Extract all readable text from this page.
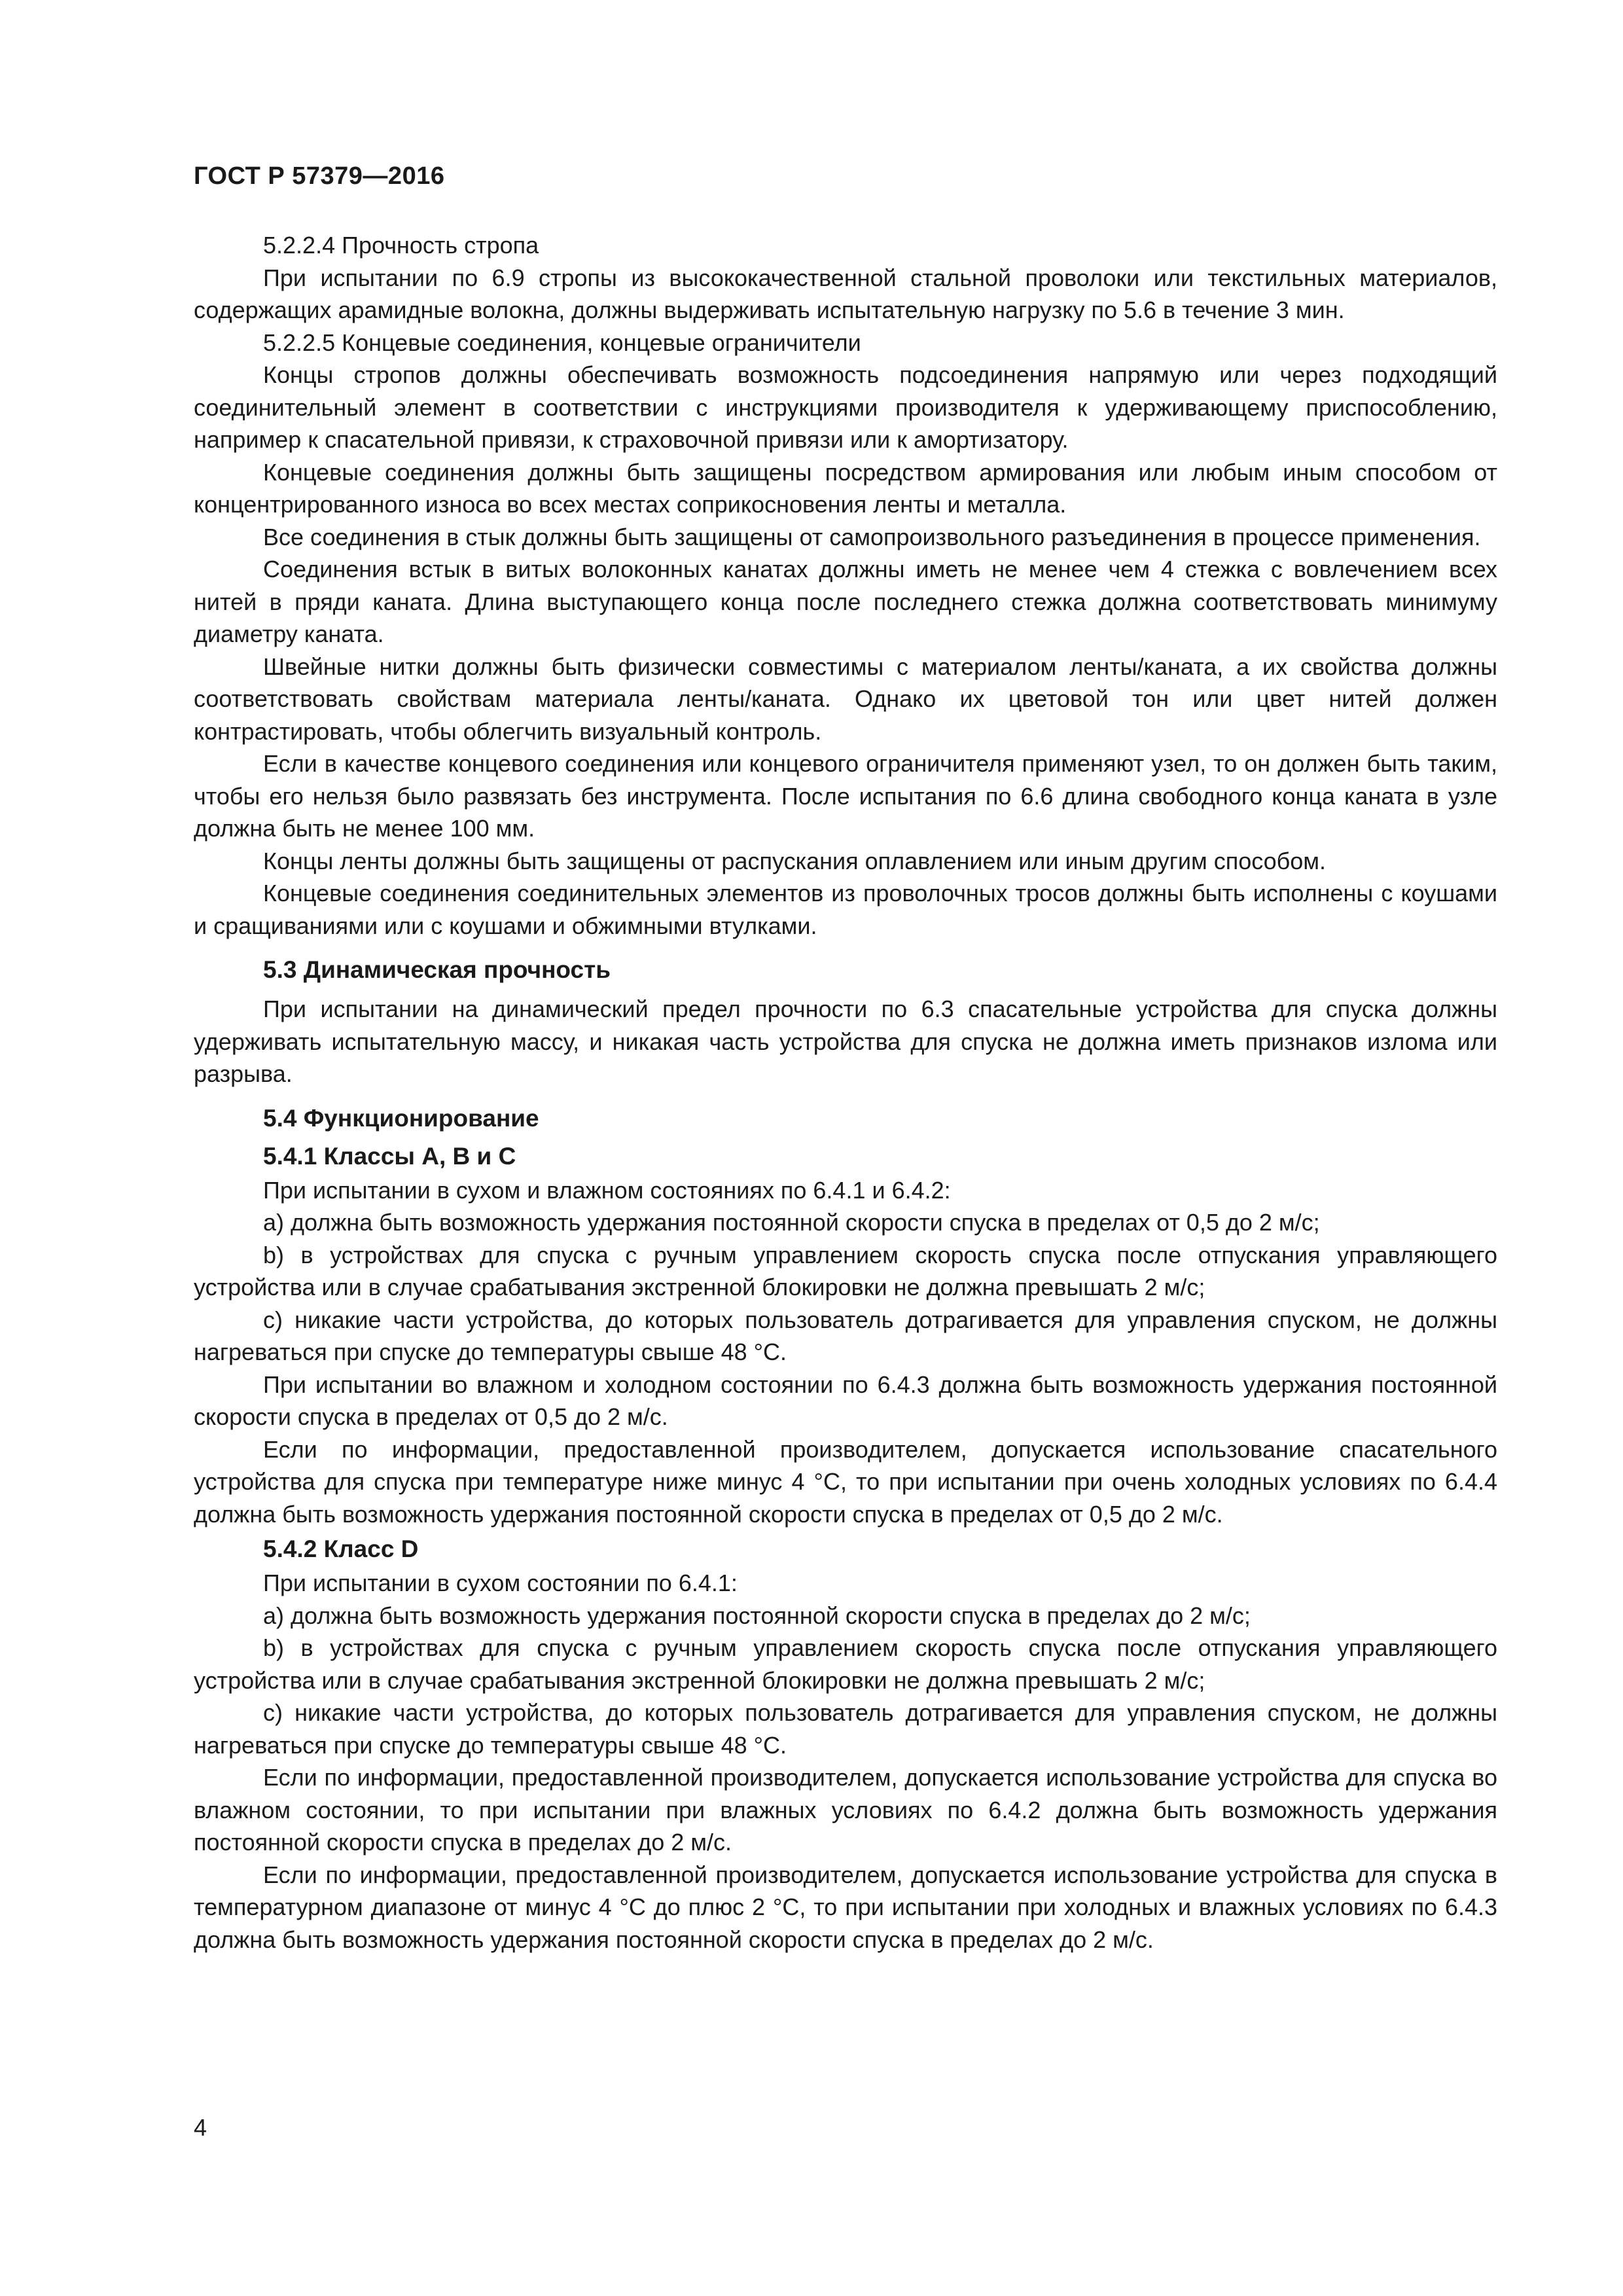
ГОСТ Р 57379—2016

5.2.2.4 Прочность стропа

При испытании по 6.9 стропы из высококачественной стальной проволоки или текстильных материалов, содержащих арамидные волокна, должны выдерживать испытательную нагрузку по 5.6 в течение 3 мин.

5.2.2.5 Концевые соединения, концевые ограничители

Концы стропов должны обеспечивать возможность подсоединения напрямую или через подходящий соединительный элемент в соответствии с инструкциями производителя к удерживающему приспособлению, например к спасательной привязи, к страховочной привязи или к амортизатору.

Концевые соединения должны быть защищены посредством армирования или любым иным способом от концентрированного износа во всех местах соприкосновения ленты и металла.

Все соединения в стык должны быть защищены от самопроизвольного разъединения в процессе применения.

Соединения встык в витых волоконных канатах должны иметь не менее чем 4 стежка с вовлечением всех нитей в пряди каната. Длина выступающего конца после последнего стежка должна соответствовать минимуму диаметру каната.

Швейные нитки должны быть физически совместимы с материалом ленты/каната, а их свойства должны соответствовать свойствам материала ленты/каната. Однако их цветовой тон или цвет нитей должен контрастировать, чтобы облегчить визуальный контроль.

Если в качестве концевого соединения или концевого ограничителя применяют узел, то он должен быть таким, чтобы его нельзя было развязать без инструмента. После испытания по 6.6 длина свободного конца каната в узле должна быть не менее 100 мм.

Концы ленты должны быть защищены от распускания оплавлением или иным другим способом.

Концевые соединения соединительных элементов из проволочных тросов должны быть исполнены с коушами и сращиваниями или с коушами и обжимными втулками.

5.3 Динамическая прочность

При испытании на динамический предел прочности по 6.3 спасательные устройства для спуска должны удерживать испытательную массу, и никакая часть устройства для спуска не должна иметь признаков излома или разрыва.

5.4 Функционирование
5.4.1 Классы А, В и С

При испытании в сухом и влажном состояниях по 6.4.1 и 6.4.2:

a) должна быть возможность удержания постоянной скорости спуска в пределах от 0,5 до 2 м/с;

b) в устройствах для спуска с ручным управлением скорость спуска после отпускания управляющего устройства или в случае срабатывания экстренной блокировки не должна превышать 2 м/с;

c) никакие части устройства, до которых пользователь дотрагивается для управления спуском, не должны нагреваться при спуске до температуры свыше 48 °C.

При испытании во влажном и холодном состоянии по 6.4.3 должна быть возможность удержания постоянной скорости спуска в пределах от 0,5 до 2 м/с.

Если по информации, предоставленной производителем, допускается использование спасательного устройства для спуска при температуре ниже минус 4 °C, то при испытании при очень холодных условиях по 6.4.4 должна быть возможность удержания постоянной скорости спуска в пределах от 0,5 до 2 м/с.

5.4.2 Класс D

При испытании в сухом состоянии по 6.4.1:

a) должна быть возможность удержания постоянной скорости спуска в пределах до 2 м/с;

b) в устройствах для спуска с ручным управлением скорость спуска после отпускания управляющего устройства или в случае срабатывания экстренной блокировки не должна превышать 2 м/с;

c) никакие части устройства, до которых пользователь дотрагивается для управления спуском, не должны нагреваться при спуске до температуры свыше 48 °C.

Если по информации, предоставленной производителем, допускается использование устройства для спуска во влажном состоянии, то при испытании при влажных условиях по 6.4.2 должна быть возможность удержания постоянной скорости спуска в пределах до 2 м/с.

Если по информации, предоставленной производителем, допускается использование устройства для спуска в температурном диапазоне от минус 4 °C до плюс 2 °C, то при испытании при холодных и влажных условиях по 6.4.3 должна быть возможность удержания постоянной скорости спуска в пределах до 2 м/с.

4
